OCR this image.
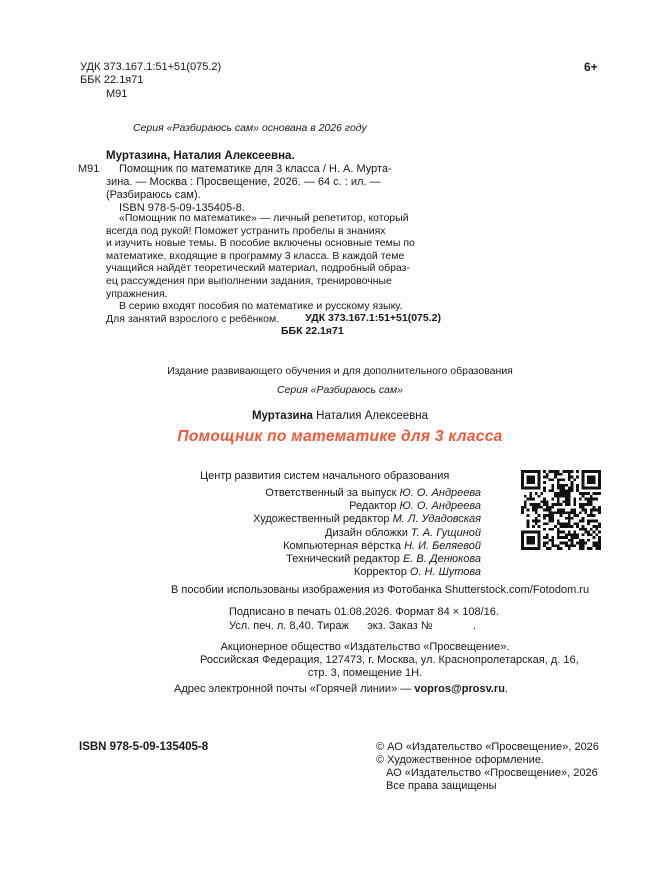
УДК 373.167.1:51+51(075.2)
ББК 22.1я71
М91
6+
Серия «Разбираюсь сам» основана в 2026 году
Муртазина, Наталия Алексеевна.
М91	Помощник по математике для 3 класса / Н. А. Мурта-
зина. — Москва : Просвещение, 2026. — 64 с. : ил. —
(Разбираюсь сам).
ISBN 978-5-09-135405-8.
«Помощник по математике» — личный репетитор, который
всегда под рукой! Поможет устранить пробелы в знаниях
и изучить новые темы. В пособие включены основные темы по
математике, входящие в программу 3 класса. В каждой теме
учащийся найдёт теоретический материал, подробный образ-
ец рассуждения при выполнении задания, тренировочные
упражнения.
В серию входят пособия по математике и русскому языку.
Для занятий взрослого с ребёнком.	УДК 373.167.1:51+51(075.2)
ББК 22.1я71
Издание развивающего обучения и для дополнительного образования
Серия «Разбираюсь сам»
Муртазина Наталия Алексеевна
Помощник по математике для 3 класса
Центр развития систем начального образования
Ответственный за выпуск Ю. О. Андреева
Редактор Ю. О. Андреева
Художественный редактор М. Л. Удадовская
Дизайн обложки Т. А. Гущиной
Компьютерная вёрстка Н. И. Беляевой
Технический редактор Е. В. Денюкова
Корректор О. Н. Шутова
В пособии использованы изображения из Фотобанка Shutterstock.com/Fotodom.ru
Подписано в печать 01.08.2026. Формат 84 × 108/16.
Усл. печ. л. 8,40. Тираж      экз. Заказ №	.
Акционерное общество «Издательство «Просвещение».
Российская Федерация, 127473, г. Москва, ул. Краснопролетарская, д. 16,
стр. 3, помещение 1Н.
Адрес электронной почты «Горячей линии» — vopros@prosv.ru.
ISBN 978-5-09-135405-8	© АО «Издательство «Просвещение», 2026
© Художественное оформление.
АО «Издательство «Просвещение», 2026
Все права защищены
